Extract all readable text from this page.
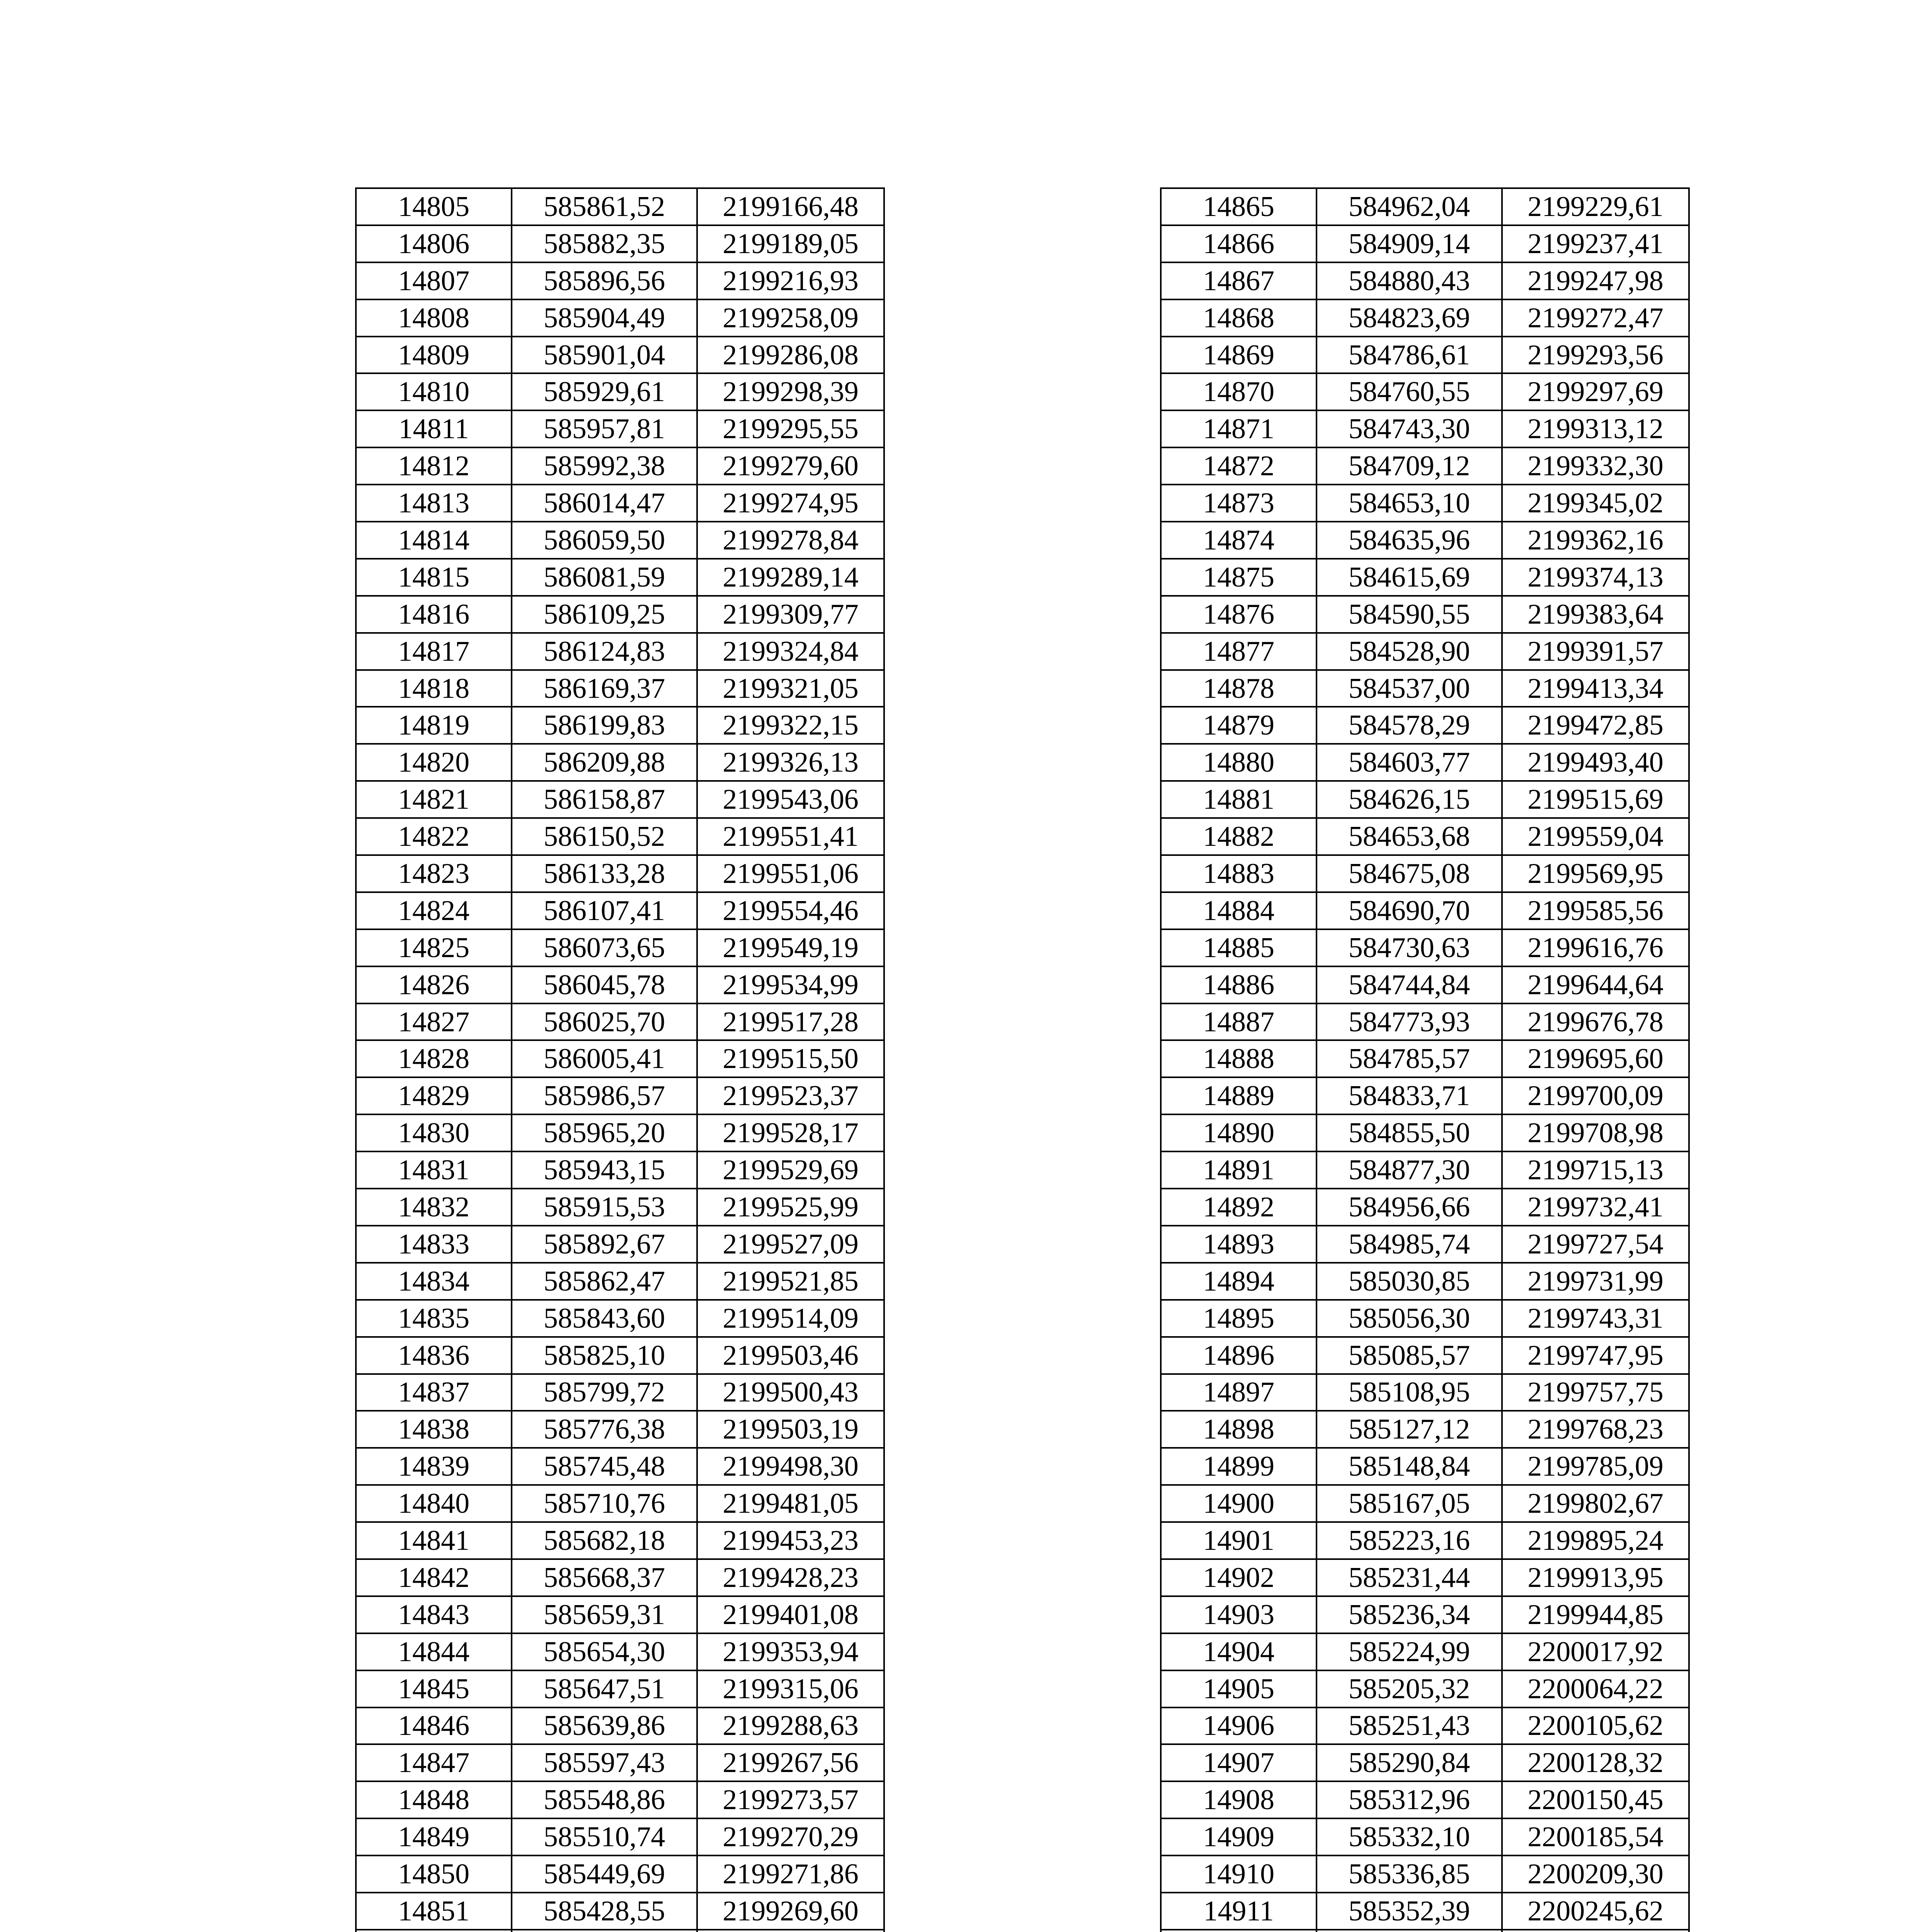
14805	585861,52	2199166,48
14806	585882,35	2199189,05
14807	585896,56	2199216,93
14808	585904,49	2199258,09
14809	585901,04	2199286,08
14810	585929,61	2199298,39
14811	585957,81	2199295,55
14812	585992,38	2199279,60
14813	586014,47	2199274,95
14814	586059,50	2199278,84
14815	586081,59	2199289,14
14816	586109,25	2199309,77
14817	586124,83	2199324,84
14818	586169,37	2199321,05
14819	586199,83	2199322,15
14820	586209,88	2199326,13
14821	586158,87	2199543,06
14822	586150,52	2199551,41
14823	586133,28	2199551,06
14824	586107,41	2199554,46
14825	586073,65	2199549,19
14826	586045,78	2199534,99
14827	586025,70	2199517,28
14828	586005,41	2199515,50
14829	585986,57	2199523,37
14830	585965,20	2199528,17
14831	585943,15	2199529,69
14832	585915,53	2199525,99
14833	585892,67	2199527,09
14834	585862,47	2199521,85
14835	585843,60	2199514,09
14836	585825,10	2199503,46
14837	585799,72	2199500,43
14838	585776,38	2199503,19
14839	585745,48	2199498,30
14840	585710,76	2199481,05
14841	585682,18	2199453,23
14842	585668,37	2199428,23
14843	585659,31	2199401,08
14844	585654,30	2199353,94
14845	585647,51	2199315,06
14846	585639,86	2199288,63
14847	585597,43	2199267,56
14848	585548,86	2199273,57
14849	585510,74	2199270,29
14850	585449,69	2199271,86
14851	585428,55	2199269,60

14865	584962,04	2199229,61
14866	584909,14	2199237,41
14867	584880,43	2199247,98
14868	584823,69	2199272,47
14869	584786,61	2199293,56
14870	584760,55	2199297,69
14871	584743,30	2199313,12
14872	584709,12	2199332,30
14873	584653,10	2199345,02
14874	584635,96	2199362,16
14875	584615,69	2199374,13
14876	584590,55	2199383,64
14877	584528,90	2199391,57
14878	584537,00	2199413,34
14879	584578,29	2199472,85
14880	584603,77	2199493,40
14881	584626,15	2199515,69
14882	584653,68	2199559,04
14883	584675,08	2199569,95
14884	584690,70	2199585,56
14885	584730,63	2199616,76
14886	584744,84	2199644,64
14887	584773,93	2199676,78
14888	584785,57	2199695,60
14889	584833,71	2199700,09
14890	584855,50	2199708,98
14891	584877,30	2199715,13
14892	584956,66	2199732,41
14893	584985,74	2199727,54
14894	585030,85	2199731,99
14895	585056,30	2199743,31
14896	585085,57	2199747,95
14897	585108,95	2199757,75
14898	585127,12	2199768,23
14899	585148,84	2199785,09
14900	585167,05	2199802,67
14901	585223,16	2199895,24
14902	585231,44	2199913,95
14903	585236,34	2199944,85
14904	585224,99	2200017,92
14905	585205,32	2200064,22
14906	585251,43	2200105,62
14907	585290,84	2200128,32
14908	585312,96	2200150,45
14909	585332,10	2200185,54
14910	585336,85	2200209,30
14911	585352,39	2200245,62
